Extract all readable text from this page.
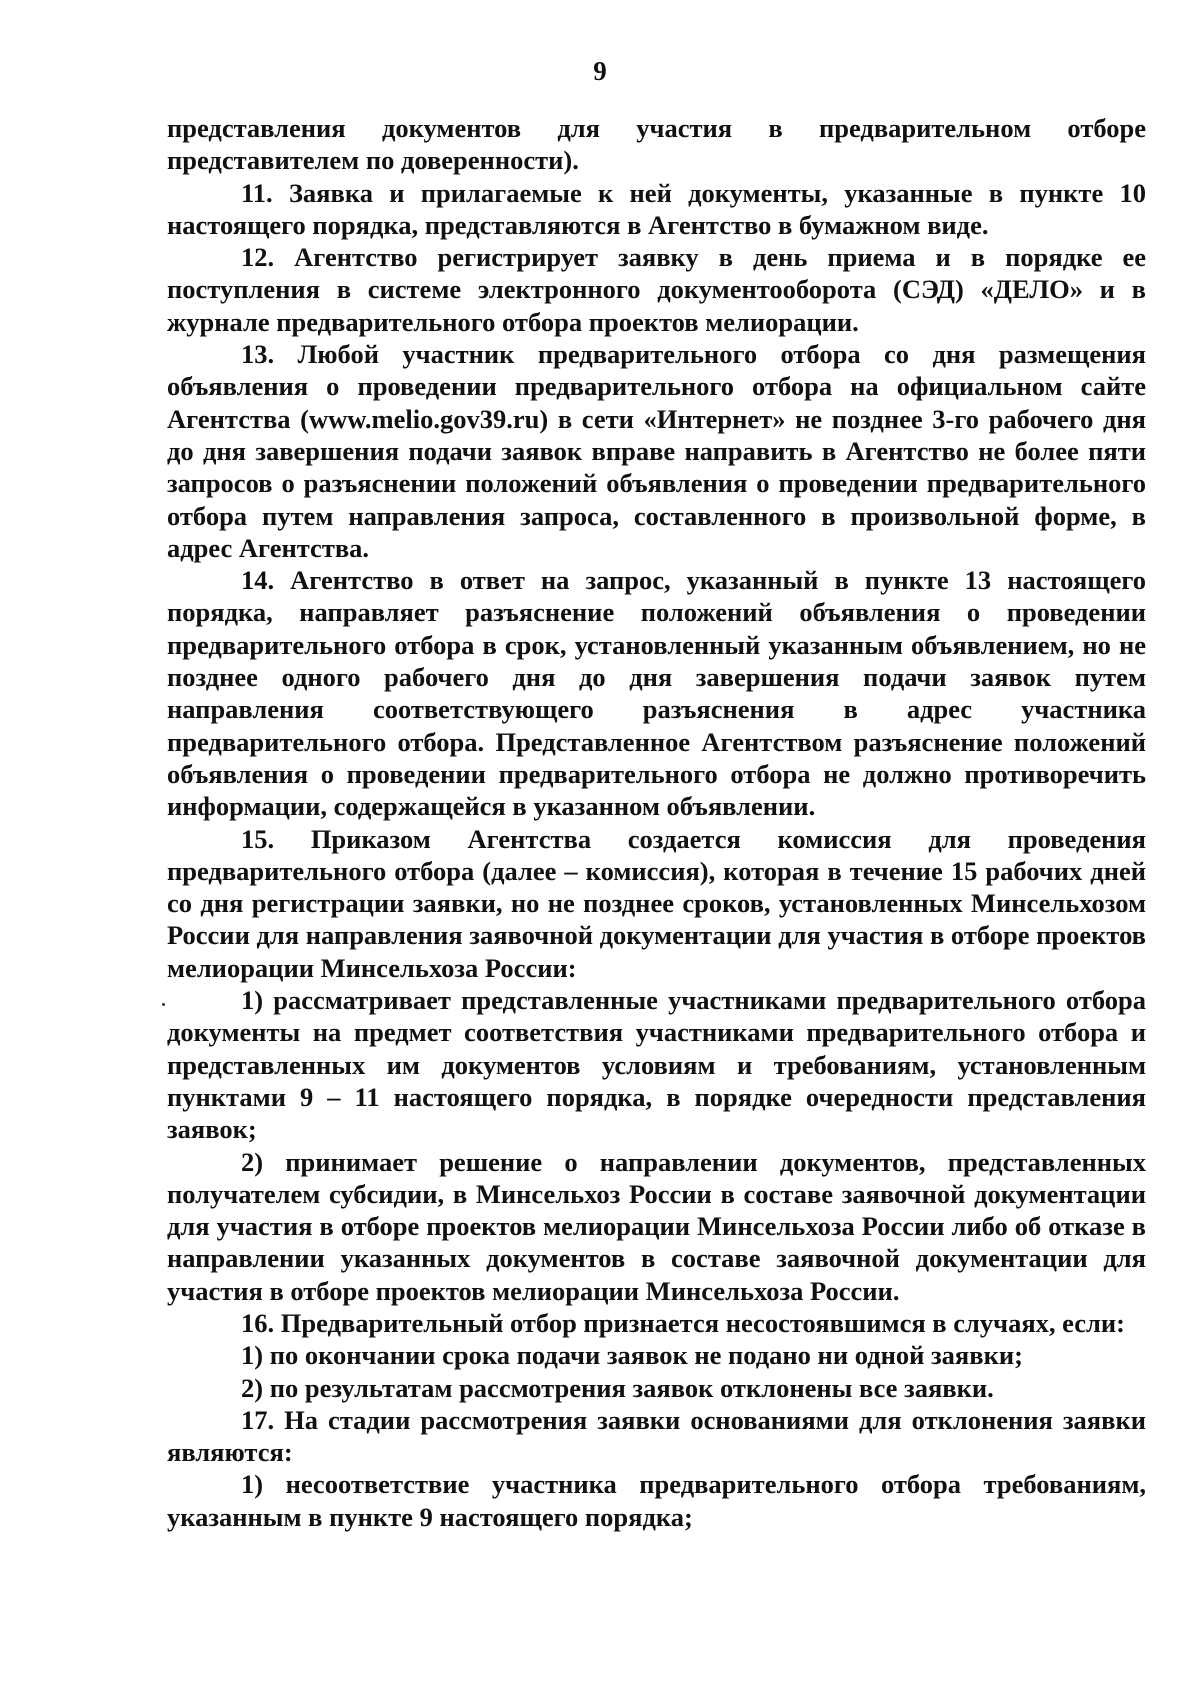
9

представления документов для участия в предварительном отборе представителем по доверенности).

11. Заявка и прилагаемые к ней документы, указанные в пункте 10 настоящего порядка, представляются в Агентство в бумажном виде.

12. Агентство регистрирует заявку в день приема и в порядке ее поступления в системе электронного документооборота (СЭД) «ДЕЛО» и в журнале предварительного отбора проектов мелиорации.

13. Любой участник предварительного отбора со дня размещения объявления о проведении предварительного отбора на официальном сайте Агентства (www.melio.gov39.ru) в сети «Интернет» не позднее 3-го рабочего дня до дня завершения подачи заявок вправе направить в Агентство не более пяти запросов о разъяснении положений объявления о проведении предварительного отбора путем направления запроса, составленного в произвольной форме, в адрес Агентства.

14. Агентство в ответ на запрос, указанный в пункте 13 настоящего порядка, направляет разъяснение положений объявления о проведении предварительного отбора в срок, установленный указанным объявлением, но не позднее одного рабочего дня до дня завершения подачи заявок путем направления соответствующего разъяснения в адрес участника предварительного отбора. Представленное Агентством разъяснение положений объявления о проведении предварительного отбора не должно противоречить информации, содержащейся в указанном объявлении.

15. Приказом Агентства создается комиссия для проведения предварительного отбора (далее – комиссия), которая в течение 15 рабочих дней со дня регистрации заявки, но не позднее сроков, установленных Минсельхозом России для направления заявочной документации для участия в отборе проектов мелиорации Минсельхоза России:

1) рассматривает представленные участниками предварительного отбора документы на предмет соответствия участниками предварительного отбора и представленных им документов условиям и требованиям, установленным пунктами 9 – 11 настоящего порядка, в порядке очередности представления заявок;

2) принимает решение о направлении документов, представленных получателем субсидии, в Минсельхоз России в составе заявочной документации для участия в отборе проектов мелиорации Минсельхоза России либо об отказе в направлении указанных документов в составе заявочной документации для участия в отборе проектов мелиорации Минсельхоза России.

16. Предварительный отбор признается несостоявшимся в случаях, если:

1) по окончании срока подачи заявок не подано ни одной заявки;

2) по результатам рассмотрения заявок отклонены все заявки.

17. На стадии рассмотрения заявки основаниями для отклонения заявки являются:

1) несоответствие участника предварительного отбора требованиям, указанным в пункте 9 настоящего порядка;
